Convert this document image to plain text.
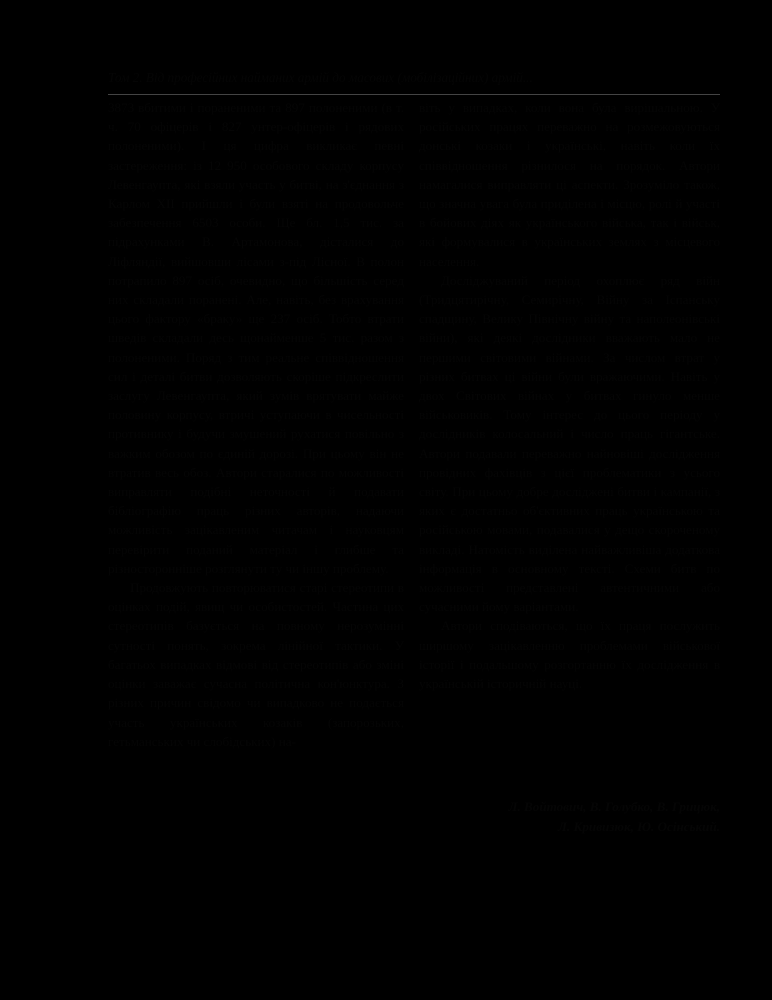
Том 2. Від професійних найманих армій до масових (мобілізаційних) армій...

3873 вбитими і пораненими та 897 полоненими (в т. ч. 70 офіцерів і 827 унтер-офіцерів і рядових полоненими). І ця цифра викликає певні застереження: із 12 950 особового складу корпусу Левенгаупта, які взяли участь у битві, на з'єднання з Карлом XII прийшли і були взяті на продовольче забезпечення 6503 особи. Ще бл. 1,5 тис. за підрахунками В. Артамонова, дісталися до Ліфляндії, вийшовши лісами з-під Лісної. В полон потрапило 897 осіб, очевидно, що більшість серед них складали поранені. Але, навіть, без врахування цього фактору «браку» ще 237 осіб. Тобто втрати шведів складали десь щонайменше 5 тис. разом з полоненими. Поряд з тим реальне співвідношення сил і деталі битви дозволяють скоріше підкреслити заслугу Левенгаупта, який зумів врятувати майже половину корпусу, втричі уступаючи в чисельності противнику і будучи змушений рухатися повільно з важким обозом по єдиній дорозі. При цьому він не втратив весь обоз. Автори старалися по можливості виправляти подібні неточності й подавати бібліографію праць різних авторів, надаючи можливість зацікавленим читачам і науковцям перевірити поданий матеріал і глибше та різносторонніше розглянути ту чи іншу проблему.

Продовжують повторюватися старі стереотипи в оцінках подій, явищ чи особистостей. Частина цих стереотипів базується на повному нерозумінні сутності понять, зокрема лінійної тактики. У багатьох випадках відмові від стереотипів або зміні оцінки заважає сучасна політична кон'юнктура. З різних причин свідомо чи випадково не подається участь українських козаків (запорозьких, гетьманських чи слобідських) на-

віть у випадках, коли вона була вирішальною. У російських працях переважно на розмежовуються донські козаки і українські, навіть коли їх співвідношення різнилося на порядок. Автори намагалися виправляти ці аспекти. Зрозуміло також, що значна увага була приділена і місцю, ролі й участі в бойових діях як українського війська, так і військ, які формувалися в українських землях з місцевого населення.

Досліджуваний період охоплює ряд війн (Тридцятирічну, Семирічну, Війну за Іспанську спадщину, Велику Північну війну та наполеонівські війни), які деякі дослідники вважають мало не першими світовими війнами. За числом втрат у різних битвах ці війни були вражаючими. Навіть у двох Світових війнах у битвах гинуло менше військовиків. Тому інтерес до цього періоду у дослідників колосальний і число праць гігантське. Автори подавали переважно найновіші дослідження провідних фахівців з цієї проблематики з усього світу. При цьому добре досліджені битви і кампанії, з яких є достатньо об'єктивних праць українською та російською мовами, подавалися у дещо скороченому викладі. Натомість виділена найважливіша додаткова інформація в основному тексті. Схеми битв по можливості представлені автентичними або сучасними йому варіантами.

Автори сподіваються, що їх праця послужить ширшому зацікавленню проблемами військової історії і подальшому розгортанню їх дослідження в українській історичній науці.

Л. Войтович, В. Голубко, В. Грицюк,
Л. Кривизюк, Ю. Осінський.
